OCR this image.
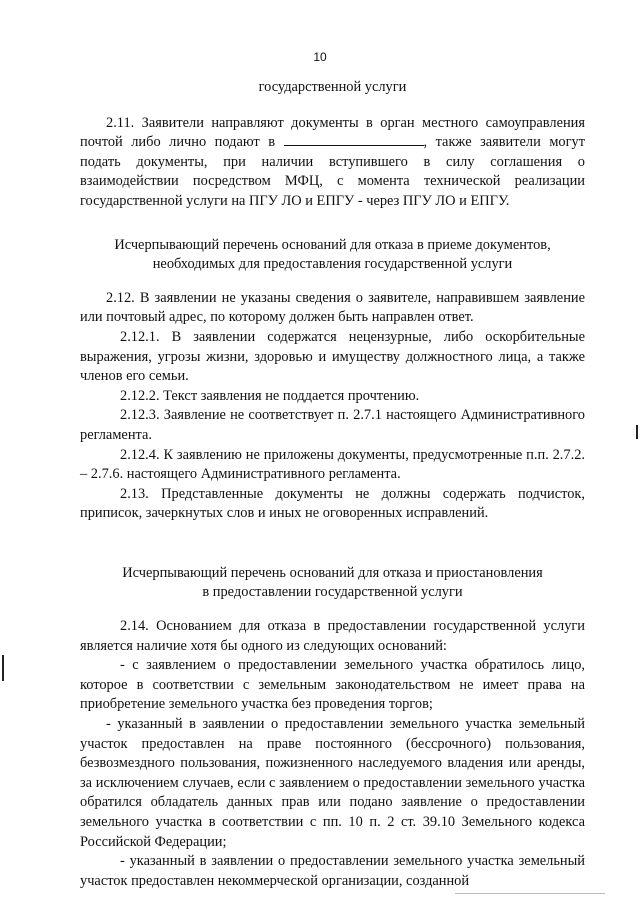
10

государственной услуги

2.11. Заявители направляют документы в орган местного самоуправления почтой либо лично подают в	, также заявители могут подать документы, при наличии вступившего в силу соглашения о взаимодействии посредством МФЦ, с момента технической реализации государственной услуги на ПГУ ЛО и ЕПГУ - через ПГУ ЛО и ЕПГУ.

Исчерпывающий перечень оснований для отказа в приеме документов,

необходимых для предоставления государственной услуги

2.12. В заявлении не указаны сведения о заявителе, направившем заявление или почтовый адрес, по которому должен быть направлен ответ.

2.12.1. В заявлении содержатся нецензурные, либо оскорбительные выражения, угрозы жизни, здоровью и имуществу должностного лица, а также членов его семьи.

2.12.2. Текст заявления не поддается прочтению.

2.12.3. Заявление не соответствует п. 2.7.1 настоящего Административного регламента.

2.12.4. К заявлению не приложены документы, предусмотренные п.п. 2.7.2. – 2.7.6. настоящего Административного регламента.

2.13. Представленные документы не должны содержать подчисток, приписок, зачеркнутых слов и иных не оговоренных исправлений.

Исчерпывающий перечень оснований для отказа и приостановления

в предоставлении государственной услуги

2.14. Основанием для отказа в предоставлении государственной услуги является наличие хотя бы одного из следующих оснований:

- с заявлением о предоставлении земельного участка обратилось лицо, которое в соответствии с земельным законодательством не имеет права на приобретение земельного участка без проведения торгов;

- указанный в заявлении о предоставлении земельного участка земельный участок предоставлен на праве постоянного (бессрочного) пользования, безвозмездного пользования, пожизненного наследуемого владения или аренды, за исключением случаев, если с заявлением о предоставлении земельного участка обратился обладатель данных прав или подано заявление о предоставлении земельного участка в соответствии с пп. 10 п. 2 ст. 39.10 Земельного кодекса Российской Федерации;

- указанный в заявлении о предоставлении земельного участка земельный участок предоставлен некоммерческой организации, созданной
